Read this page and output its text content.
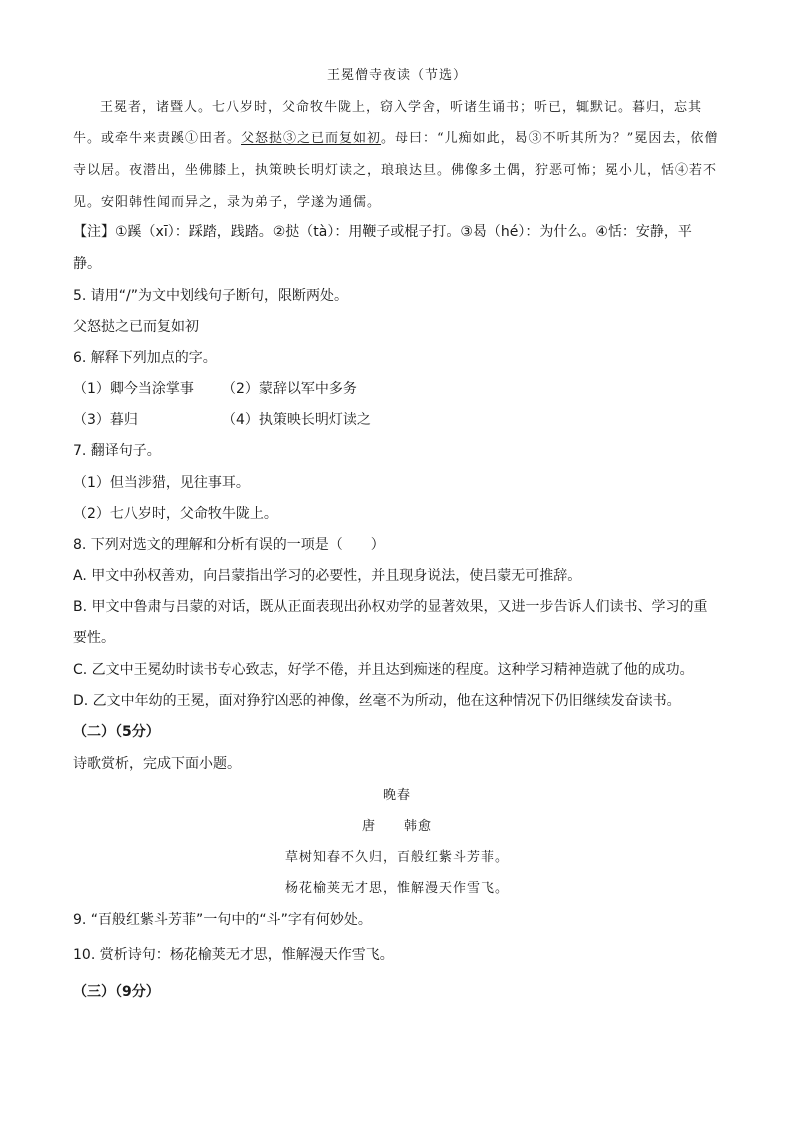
王冕僧寺夜读（节选）
王冕者，诸暨人。七八岁时，父命牧牛陇上，窃入学舍，听诸生诵书；听已，辄默记。暮归，忘其
牛。或牵牛来责蹊①田者。父怒挞③之已而复如初。母曰：“儿痴如此，曷③不听其所为？”冕因去，依僧
寺以居。夜潜出，坐佛膝上，执策映长明灯读之，琅琅达旦。佛像多土偶，狞恶可怖；冕小儿，恬④若不
见。安阳韩性闻而异之，录为弟子，学遂为通儒。
【注】①蹊（xī）：踩踏，践踏。②挞（tà）：用鞭子或棍子打。③曷（hé）：为什么。④恬：安静，平
静。
5. 请用“/”为文中划线句子断句，限断两处。
父怒挞之已而复如初
6. 解释下列加点的字。
（1）卿今当涂掌事 （2）蒙辞以军中多务
（3）暮归	（4）执策映长明灯读之
7. 翻译句子。
（1）但当涉猎，见往事耳。
（2）七八岁时，父命牧牛陇上。
8. 下列对选文的理解和分析有误的一项是（　　）
A. 甲文中孙权善劝，向吕蒙指出学习的必要性，并且现身说法，使吕蒙无可推辞。
B. 甲文中鲁肃与吕蒙的对话，既从正面表现出孙权劝学的显著效果，又进一步告诉人们读书、学习的重
要性。
C. 乙文中王冕幼时读书专心致志，好学不倦，并且达到痴迷的程度。这种学习精神造就了他的成功。
D. 乙文中年幼的王冕，面对狰狞凶恶的神像，丝毫不为所动，他在这种情况下仍旧继续发奋读书。
（二）（5分）
诗歌赏析，完成下面小题。
晚春
唐　　韩愈
草树知春不久归，百般红紫斗芳菲。
杨花榆荚无才思，惟解漫天作雪飞。
9. “百般红紫斗芳菲”一句中的“斗”字有何妙处。
10. 赏析诗句：杨花榆荚无才思，惟解漫天作雪飞。
（三）（9分）
